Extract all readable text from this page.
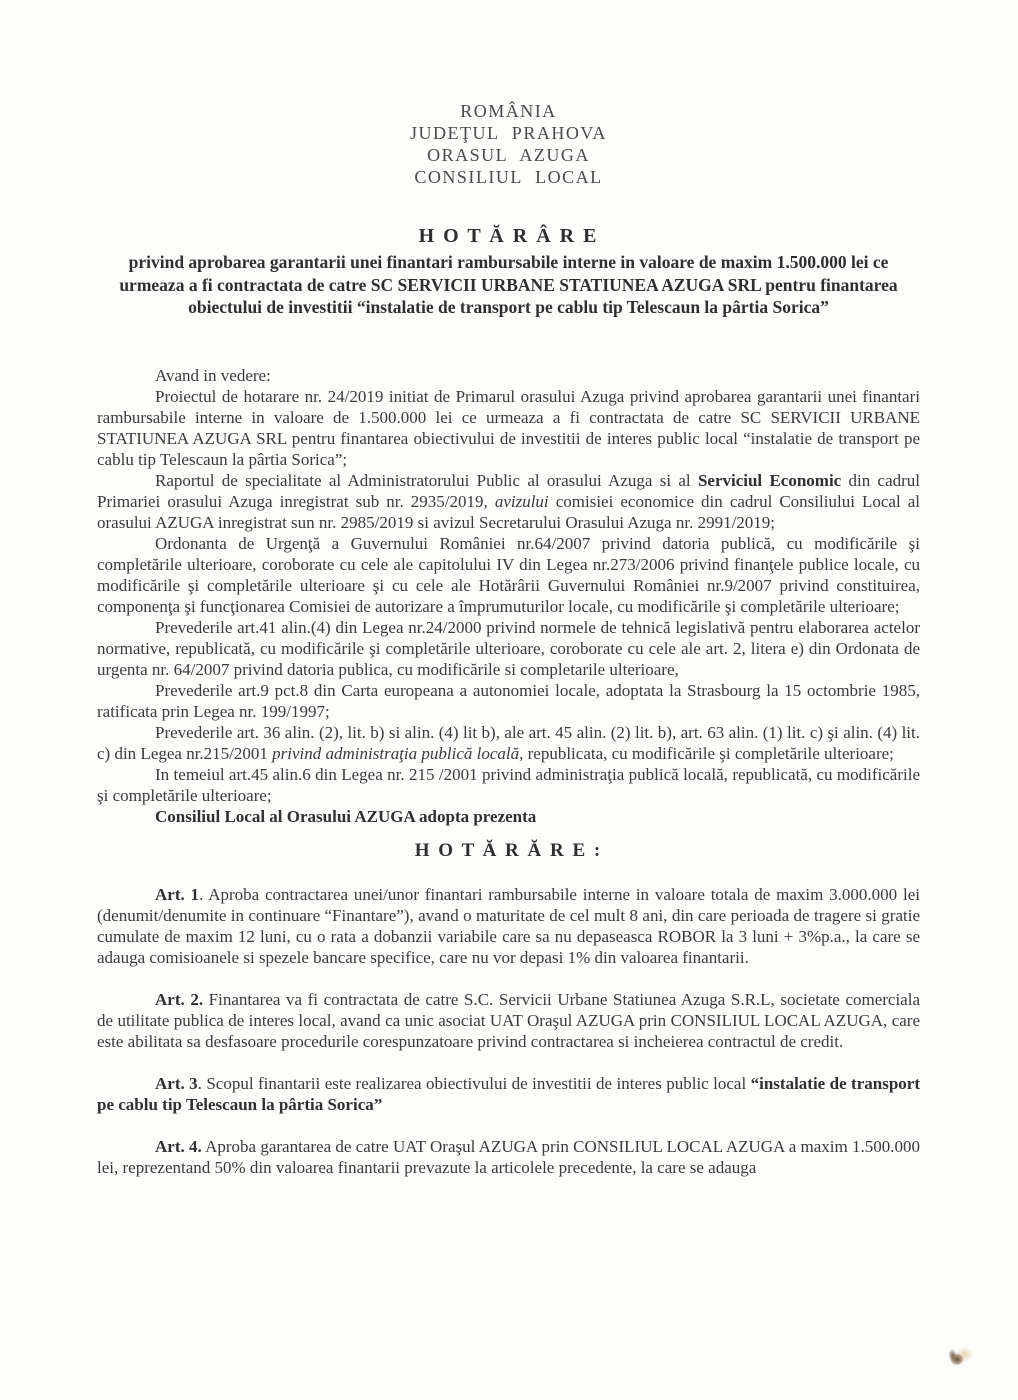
ROMÂNIA
JUDEŢUL PRAHOVA
ORASUL AZUGA
CONSILIUL LOCAL
H O T Ă R Â R E
privind aprobarea garantarii unei finantari rambursabile interne in valoare de maxim 1.500.000 lei ce urmeaza a fi contractata de catre SC SERVICII URBANE STATIUNEA AZUGA SRL pentru finantarea obiectului de investitii “instalatie de transport pe cablu tip Telescaun la pârtia Sorica”

Avand in vedere:

Proiectul de hotarare nr. 24/2019 initiat de Primarul orasului Azuga privind aprobarea garantarii unei finantari rambursabile interne in valoare de 1.500.000 lei ce urmeaza a fi contractata de catre SC SERVICII URBANE STATIUNEA AZUGA SRL pentru finantarea obiectivului de investitii de interes public local “instalatie de transport pe cablu tip Telescaun la pârtia Sorica”;

Raportul de specialitate al Administratorului Public al orasului Azuga si al Serviciul Economic din cadrul Primariei orasului Azuga inregistrat sub nr. 2935/2019, avizului comisiei economice din cadrul Consiliului Local al orasului AZUGA inregistrat sun nr. 2985/2019 si avizul Secretarului Orasului Azuga nr. 2991/2019;

Ordonanta de Urgenţă a Guvernului României nr.64/2007 privind datoria publică, cu modificările şi completările ulterioare, coroborate cu cele ale capitolului IV din Legea nr.273/2006 privind finanţele publice locale, cu modificările şi completările ulterioare şi cu cele ale Hotărârii Guvernului României nr.9/2007 privind constituirea, componenţa şi funcţionarea Comisiei de autorizare a împrumuturilor locale, cu modificările şi completările ulterioare;

Prevederile art.41 alin.(4) din Legea nr.24/2000 privind normele de tehnică legislativă pentru elaborarea actelor normative, republicată, cu modificările şi completările ulterioare, coroborate cu cele ale art. 2, litera e) din Ordonata de urgenta nr. 64/2007 privind datoria publica, cu modificările si completarile ulterioare,

Prevederile art.9 pct.8 din Carta europeana a autonomiei locale, adoptata la Strasbourg la 15 octombrie 1985, ratificata prin Legea nr. 199/1997;

Prevederile art. 36 alin. (2), lit. b) si alin. (4) lit b), ale art. 45 alin. (2) lit. b), art. 63 alin. (1) lit. c) şi alin. (4) lit. c) din Legea nr.215/2001 privind administraţia publică locală, republicata, cu modificările şi completările ulterioare;

In temeiul art.45 alin.6 din Legea nr. 215 /2001 privind administraţia publică locală, republicată, cu modificările şi completările ulterioare;

Consiliul Local al Orasului AZUGA adopta prezenta

H O T Ă R Ă R E :

Art. 1. Aproba contractarea unei/unor finantari rambursabile interne in valoare totala de maxim 3.000.000 lei (denumit/denumite in continuare “Finantare”), avand o maturitate de cel mult 8 ani, din care perioada de tragere si gratie cumulate de maxim 12 luni, cu o rata a dobanzii variabile care sa nu depaseasca ROBOR la 3 luni + 3%p.a., la care se adauga comisioanele si spezele bancare specifice, care nu vor depasi 1% din valoarea finantarii.

Art. 2. Finantarea va fi contractata de catre S.C. Servicii Urbane Statiunea Azuga S.R.L, societate comerciala de utilitate publica de interes local, avand ca unic asociat UAT Oraşul AZUGA prin CONSILIUL LOCAL AZUGA, care este abilitata sa desfasoare procedurile corespunzatoare privind contractarea si incheierea contractul de credit.

Art. 3. Scopul finantarii este realizarea obiectivului de investitii de interes public local “instalatie de transport pe cablu tip Telescaun la pârtia Sorica”

Art. 4. Aproba garantarea de catre UAT Oraşul AZUGA prin CONSILIUL LOCAL AZUGA a maxim 1.500.000 lei, reprezentand 50% din valoarea finantarii prevazute la articolele precedente, la care se adauga
